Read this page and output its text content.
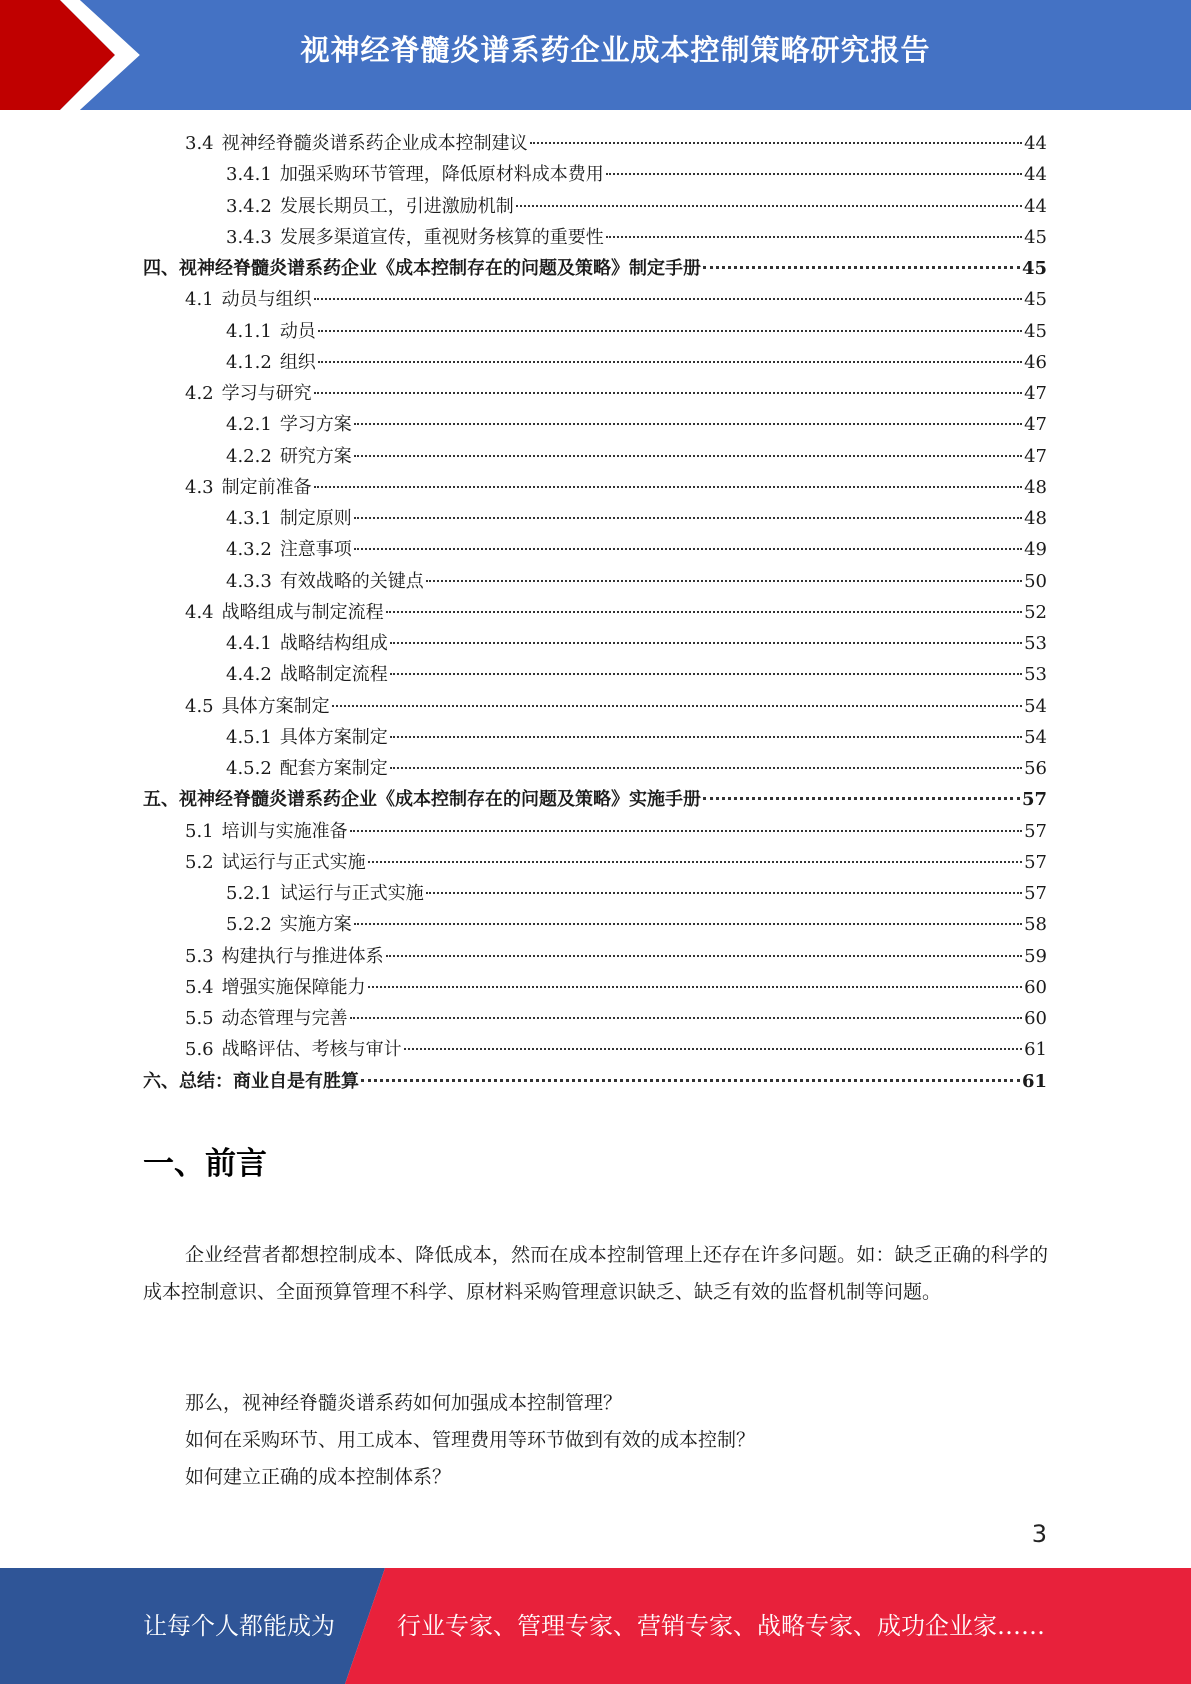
视神经脊髓炎谱系药企业成本控制策略研究报告
3.4 视神经脊髓炎谱系药企业成本控制建议	44
3.4.1 加强采购环节管理，降低原材料成本费用	44
3.4.2 发展长期员工，引进激励机制	44
3.4.3 发展多渠道宣传，重视财务核算的重要性	45
四、视神经脊髓炎谱系药企业《成本控制存在的问题及策略》制定手册	45
4.1 动员与组织	45
4.1.1 动员	45
4.1.2 组织	46
4.2 学习与研究	47
4.2.1 学习方案	47
4.2.2 研究方案	47
4.3 制定前准备	48
4.3.1 制定原则	48
4.3.2 注意事项	49
4.3.3 有效战略的关键点	50
4.4 战略组成与制定流程	52
4.4.1 战略结构组成	53
4.4.2 战略制定流程	53
4.5 具体方案制定	54
4.5.1 具体方案制定	54
4.5.2 配套方案制定	56
五、视神经脊髓炎谱系药企业《成本控制存在的问题及策略》实施手册	57
5.1 培训与实施准备	57
5.2 试运行与正式实施	57
5.2.1 试运行与正式实施	57
5.2.2 实施方案	58
5.3 构建执行与推进体系	59
5.4 增强实施保障能力	60
5.5 动态管理与完善	60
5.6 战略评估、考核与审计	61
六、总结：商业自是有胜算	61
一、前言
企业经营者都想控制成本、降低成本，然而在成本控制管理上还存在许多问题。如：缺乏正确的科学的成本控制意识、全面预算管理不科学、原材料采购管理意识缺乏、缺乏有效的监督机制等问题。
那么，视神经脊髓炎谱系药如何加强成本控制管理？
如何在采购环节、用工成本、管理费用等环节做到有效的成本控制？
如何建立正确的成本控制体系？
3
让每个人都能成为	行业专家、管理专家、营销专家、战略专家、成功企业家……
